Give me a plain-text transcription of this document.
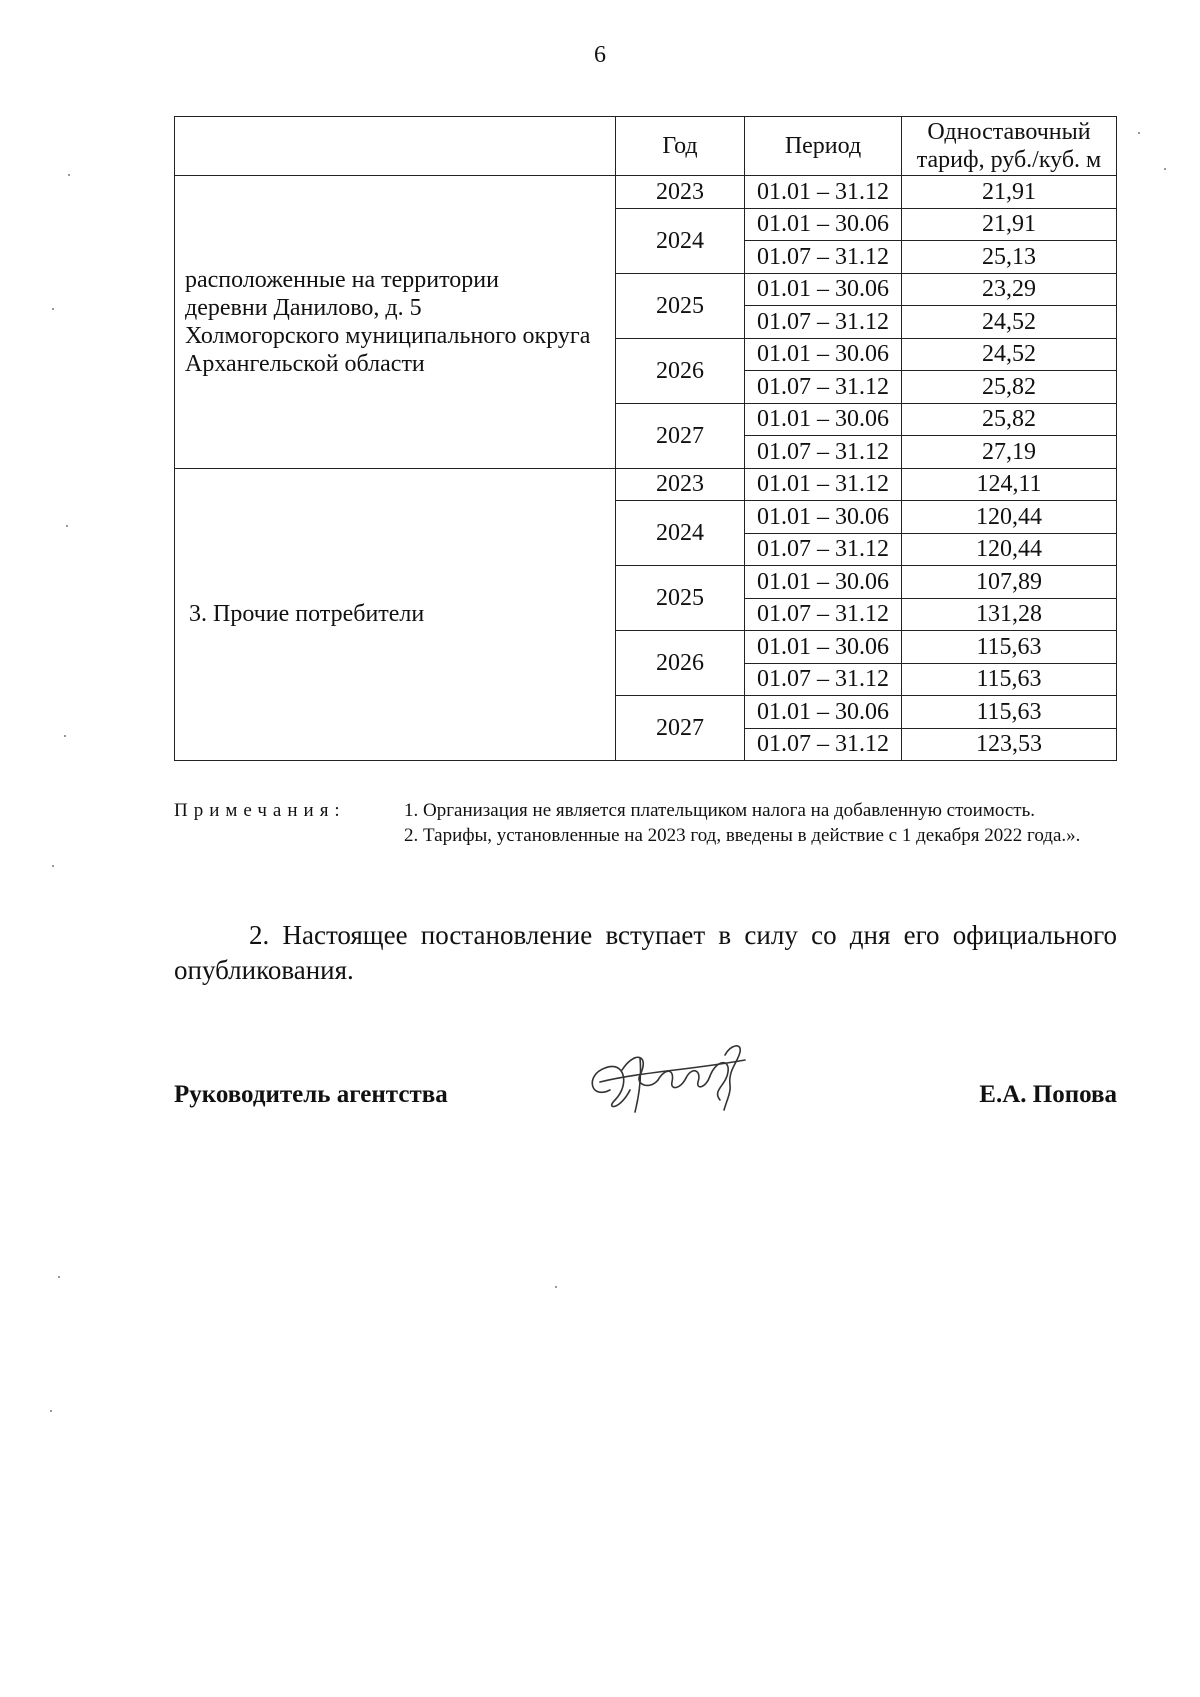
6
	Год	Период	Одноставочный
тариф, руб./куб. м

расположенные на территории
деревни Данилово, д. 5
Холмогорского муниципального округа
Архангельской области	2023	01.01 – 31.12	21,91
	2024	01.01 – 30.06	21,91
		01.07 – 31.12	25,13
	2025	01.01 – 30.06	23,29
		01.07 – 31.12	24,52
	2026	01.01 – 30.06	24,52
		01.07 – 31.12	25,82
	2027	01.01 – 30.06	25,82
		01.07 – 31.12	27,19

3. Прочие потребители	2023	01.01 – 31.12	124,11
	2024	01.01 – 30.06	120,44
		01.07 – 31.12	120,44
	2025	01.01 – 30.06	107,89
		01.07 – 31.12	131,28
	2026	01.01 – 30.06	115,63
		01.07 – 31.12	115,63
	2027	01.01 – 30.06	115,63
		01.07 – 31.12	123,53
Примечания:	1. Организация не является плательщиком налога на добавленную стоимость.
2. Тарифы, установленные на 2023 год, введены в действие с 1 декабря 2022 года.».
2. Настоящее постановление вступает в силу со дня его официального опубликования.
Руководитель агентства	Е.А. Попова
